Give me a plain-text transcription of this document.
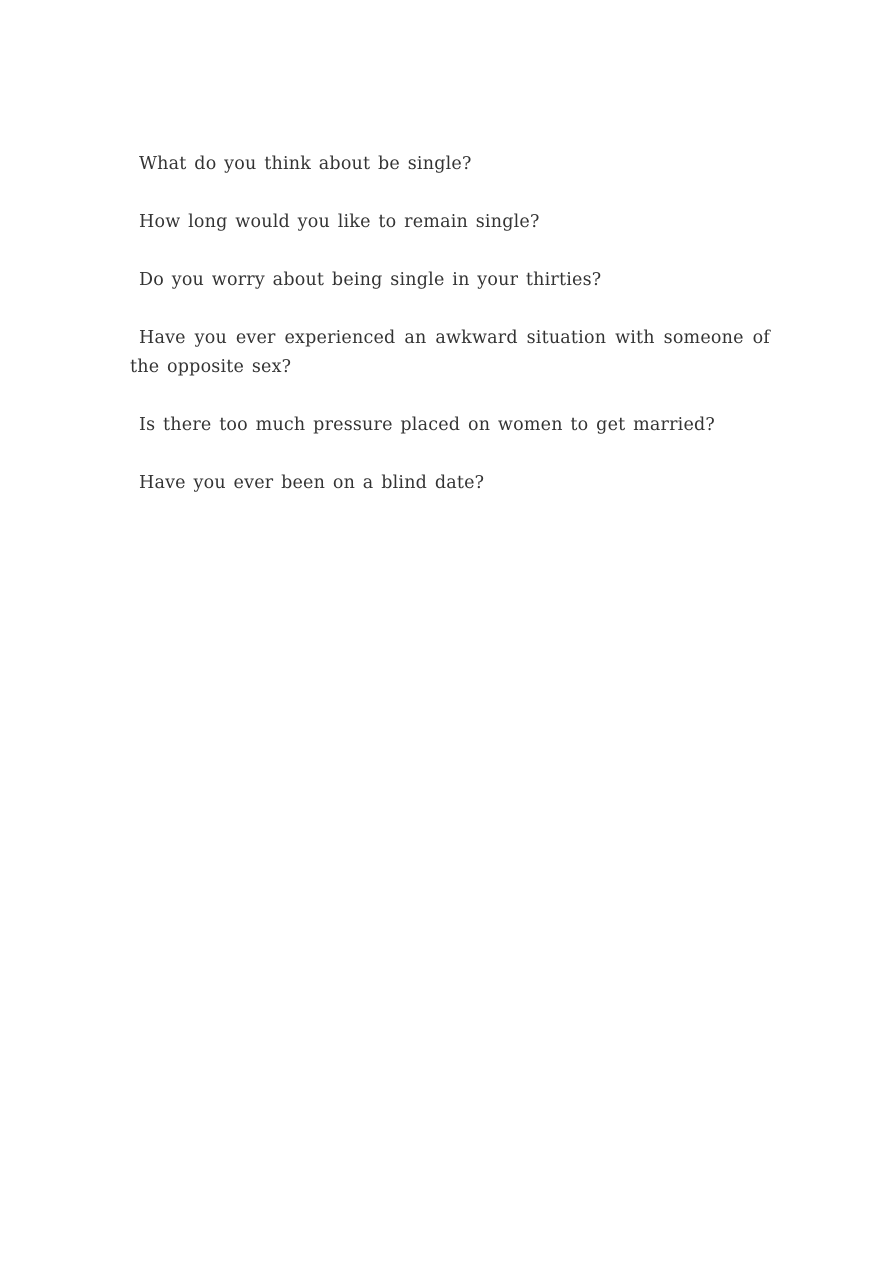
What do you think about be single?

How long would you like to remain single?

Do you worry about being single in your thirties?

Have you ever experienced an awkward situation with someone of the opposite sex?

Is there too much pressure placed on women to get married?

Have you ever been on a blind date?
